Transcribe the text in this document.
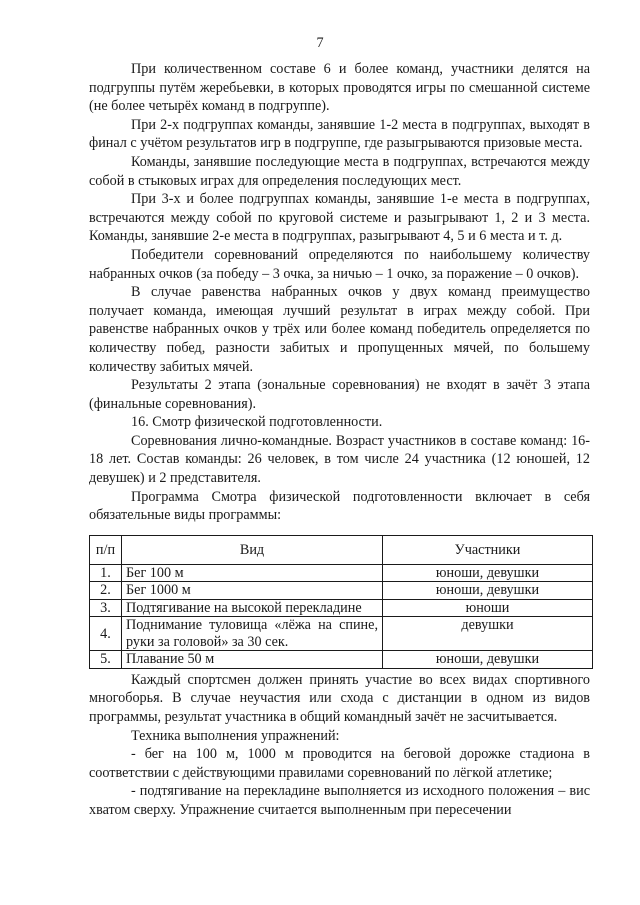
7

При количественном составе 6 и более команд, участники делятся на подгруппы путём жеребьевки, в которых проводятся игры по смешанной системе (не более четырёх команд в подгруппе).

При 2-х подгруппах команды, занявшие 1-2 места в подгруппах, выходят в финал с учётом результатов игр в подгруппе, где разыгрываются призовые места.

Команды, занявшие последующие места в подгруппах, встречаются между собой в стыковых играх для определения последующих мест.

При 3-х и более подгруппах команды, занявшие 1-е места в подгруппах, встречаются между собой по круговой системе и разыгрывают 1, 2 и 3 места. Команды, занявшие 2-е места в подгруппах, разыгрывают 4, 5 и 6 места и т. д.

Победители соревнований определяются по наибольшему количеству набранных очков (за победу – 3 очка, за ничью – 1 очко, за поражение – 0 очков).

В случае равенства набранных очков у двух команд преимущество получает команда, имеющая лучший результат в играх между собой. При равенстве набранных очков у трёх или более команд победитель определяется по количеству побед, разности забитых и пропущенных мячей, по большему количеству забитых мячей.

Результаты 2 этапа (зональные соревнования) не входят в зачёт 3 этапа (финальные соревнования).

16. Смотр физической подготовленности.

Соревнования лично-командные. Возраст участников в составе команд: 16-18 лет. Состав команды: 26 человек, в том числе 24 участника (12 юношей, 12 девушек) и 2 представителя.

Программа Смотра физической подготовленности включает в себя обязательные виды программы:

п/п	Вид	Участники
1.	Бег 100 м	юноши, девушки
2.	Бег 1000 м	юноши, девушки
3.	Подтягивание на высокой перекладине	юноши
4.	Поднимание туловища «лёжа на спине, руки за головой» за 30 сек.	девушки
5.	Плавание 50 м	юноши, девушки

Каждый спортсмен должен принять участие во всех видах спортивного многоборья. В случае неучастия или схода с дистанции в одном из видов программы, результат участника в общий командный зачёт не засчитывается.

Техника выполнения упражнений:

- бег на 100 м, 1000 м проводится на беговой дорожке стадиона в соответствии с действующими правилами соревнований по лёгкой атлетике;

- подтягивание на перекладине выполняется из исходного положения – вис хватом сверху. Упражнение считается выполненным при пересечении
